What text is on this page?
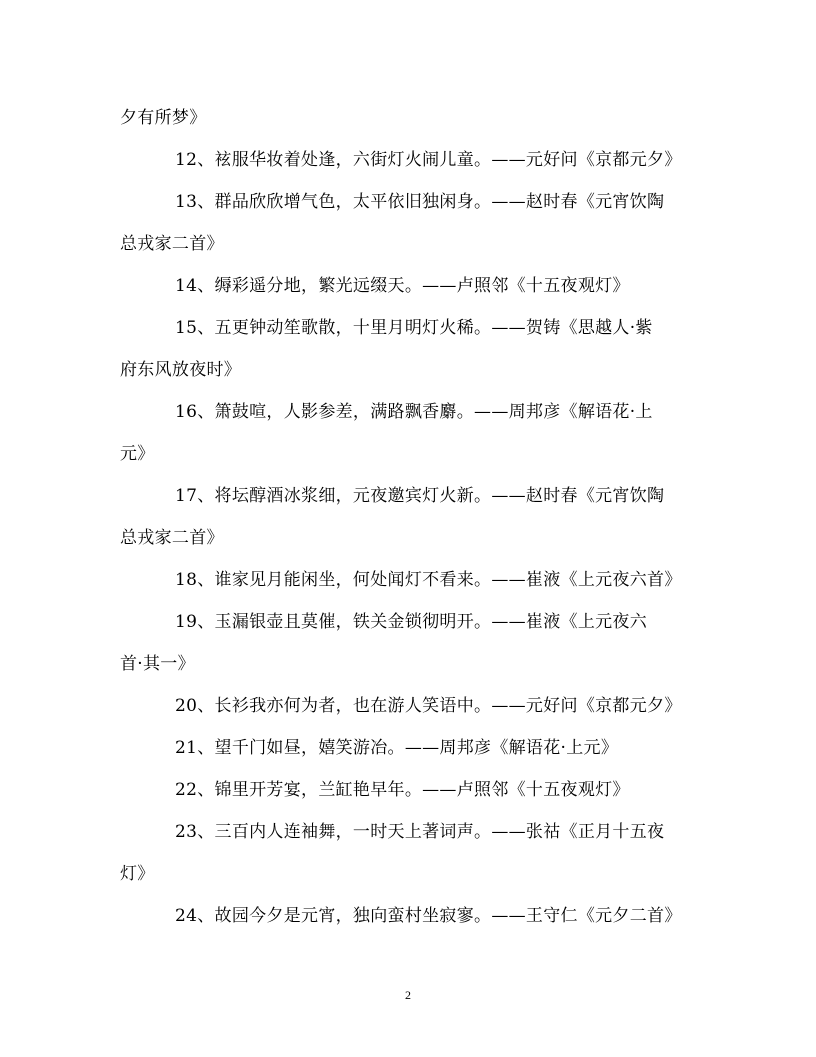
夕有所梦》
12、袨服华妆着处逢，六街灯火闹儿童。——元好问《京都元夕》
13、群品欣欣增气色，太平依旧独闲身。——赵时春《元宵饮陶
总戎家二首》
14、缛彩遥分地，繁光远缀天。——卢照邻《十五夜观灯》
15、五更钟动笙歌散，十里月明灯火稀。——贺铸《思越人·紫
府东风放夜时》
16、箫鼓喧，人影参差，满路飘香麝。——周邦彦《解语花·上
元》
17、将坛醇酒冰浆细，元夜邀宾灯火新。——赵时春《元宵饮陶
总戎家二首》
18、谁家见月能闲坐，何处闻灯不看来。——崔液《上元夜六首》
19、玉漏银壶且莫催，铁关金锁彻明开。——崔液《上元夜六
首·其一》
20、长衫我亦何为者，也在游人笑语中。——元好问《京都元夕》
21、望千门如昼，嬉笑游冶。——周邦彦《解语花·上元》
22、锦里开芳宴，兰缸艳早年。——卢照邻《十五夜观灯》
23、三百内人连袖舞，一时天上著词声。——张祜《正月十五夜
灯》
24、故园今夕是元宵，独向蛮村坐寂寥。——王守仁《元夕二首》
2
